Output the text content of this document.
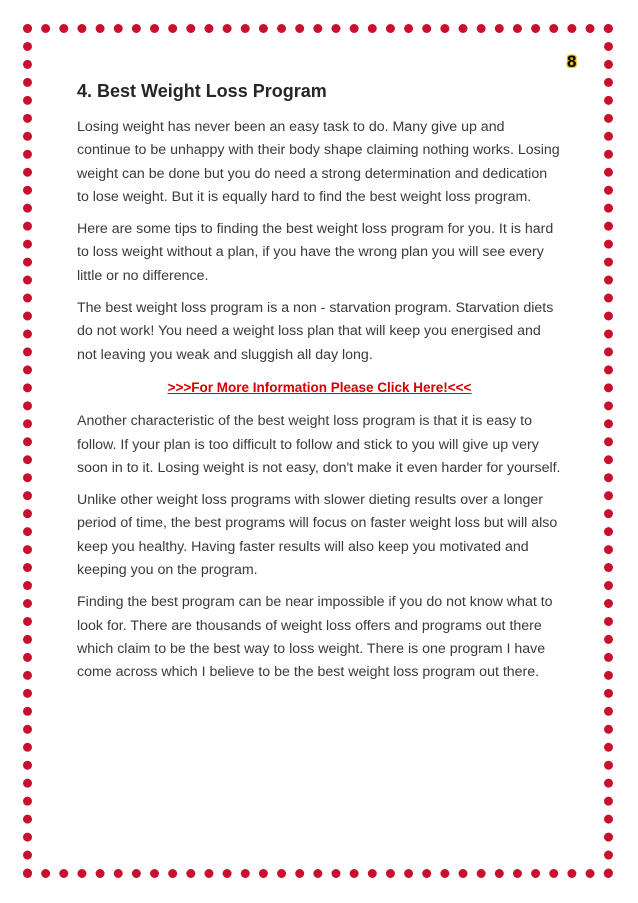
8
4. Best Weight Loss Program

Losing weight has never been an easy task to do. Many give up and continue to be unhappy with their body shape claiming nothing works. Losing weight can be done but you do need a strong determination and dedication to lose weight. But it is equally hard to find the best weight loss program.

Here are some tips to finding the best weight loss program for you. It is hard to loss weight without a plan, if you have the wrong plan you will see every little or no difference.

The best weight loss program is a non - starvation program. Starvation diets do not work! You need a weight loss plan that will keep you energised and not leaving you weak and sluggish all day long.

>>>For More Information Please Click Here!<<<

Another characteristic of the best weight loss program is that it is easy to follow. If your plan is too difficult to follow and stick to you will give up very soon in to it. Losing weight is not easy, don't make it even harder for yourself.

Unlike other weight loss programs with slower dieting results over a longer period of time, the best programs will focus on faster weight loss but will also keep you healthy. Having faster results will also keep you motivated and keeping you on the program.

Finding the best program can be near impossible if you do not know what to look for. There are thousands of weight loss offers and programs out there which claim to be the best way to loss weight. There is one program I have come across which I believe to be the best weight loss program out there.
